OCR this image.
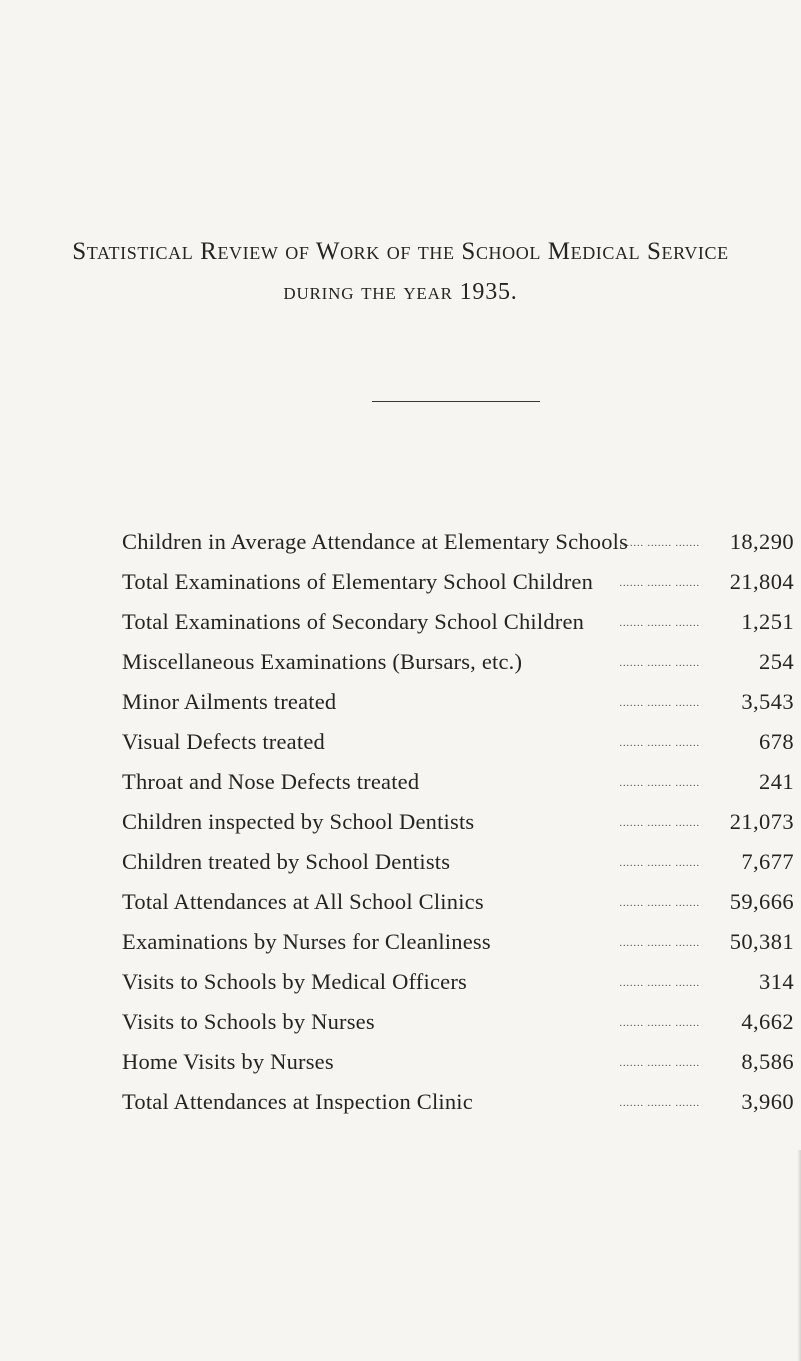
Statistical Review of Work of the School Medical Service
during the year 1935.
Children in Average Attendance at Elementary Schools
....... ....... ....... 18,290
Total Examinations of Elementary School Children	....... ....... ....... 21,804
Total Examinations of Secondary School Children	....... ....... ....... 1,251
Miscellaneous Examinations (Bursars, etc.)	....... ....... .......	254
Minor Ailments treated	....... ....... ....... 3,543
Visual Defects treated	....... ....... .......	678
Throat and Nose Defects treated	....... ....... .......	241
Children inspected by School Dentists	....... ....... ....... 21,073
Children treated by School Dentists	....... ....... ....... 7,677
Total Attendances at All School Clinics	....... ....... ....... 59,666
Examinations by Nurses for Cleanliness	....... ....... ....... 50,381
Visits to Schools by Medical Officers	....... ....... .......	314
Visits to Schools by Nurses	....... ....... ....... 4,662
Home Visits by Nurses	....... ....... ....... 8,586
Total Attendances at Inspection Clinic	....... ....... ....... 3,960
